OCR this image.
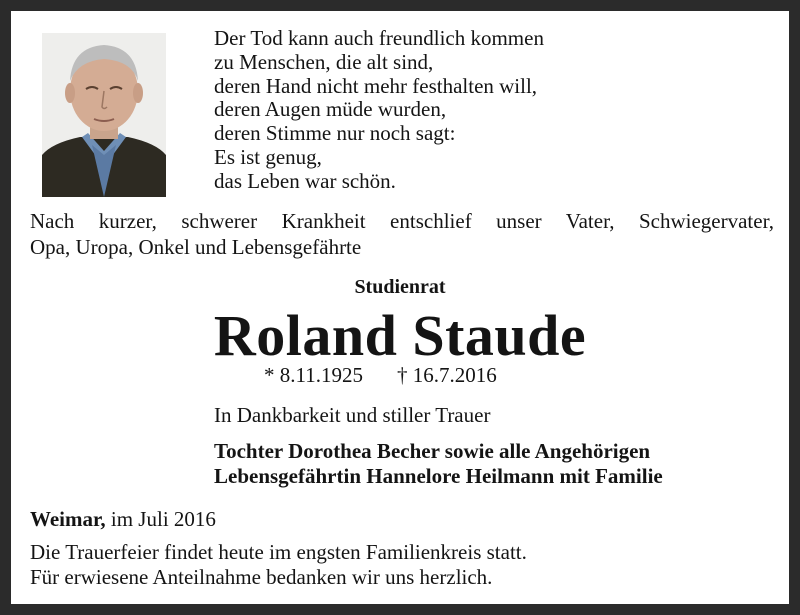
Der Tod kann auch freundlich kommen
zu Menschen, die alt sind,
deren Hand nicht mehr festhalten will,
deren Augen müde wurden,
deren Stimme nur noch sagt:
Es ist genug,
das Leben war schön.
Nach kurzer, schwerer Krankheit entschlief unser Vater, Schwiegervater,
Opa, Uropa, Onkel und Lebensgefährte
Studienrat
Roland Staude
* 8.11.1925 † 16.7.2016
In Dankbarkeit und stiller Trauer
Tochter Dorothea Becher sowie alle Angehörigen
Lebensgefährtin Hannelore Heilmann mit Familie
Weimar, im Juli 2016
Die Trauerfeier findet heute im engsten Familienkreis statt.
Für erwiesene Anteilnahme bedanken wir uns herzlich.
